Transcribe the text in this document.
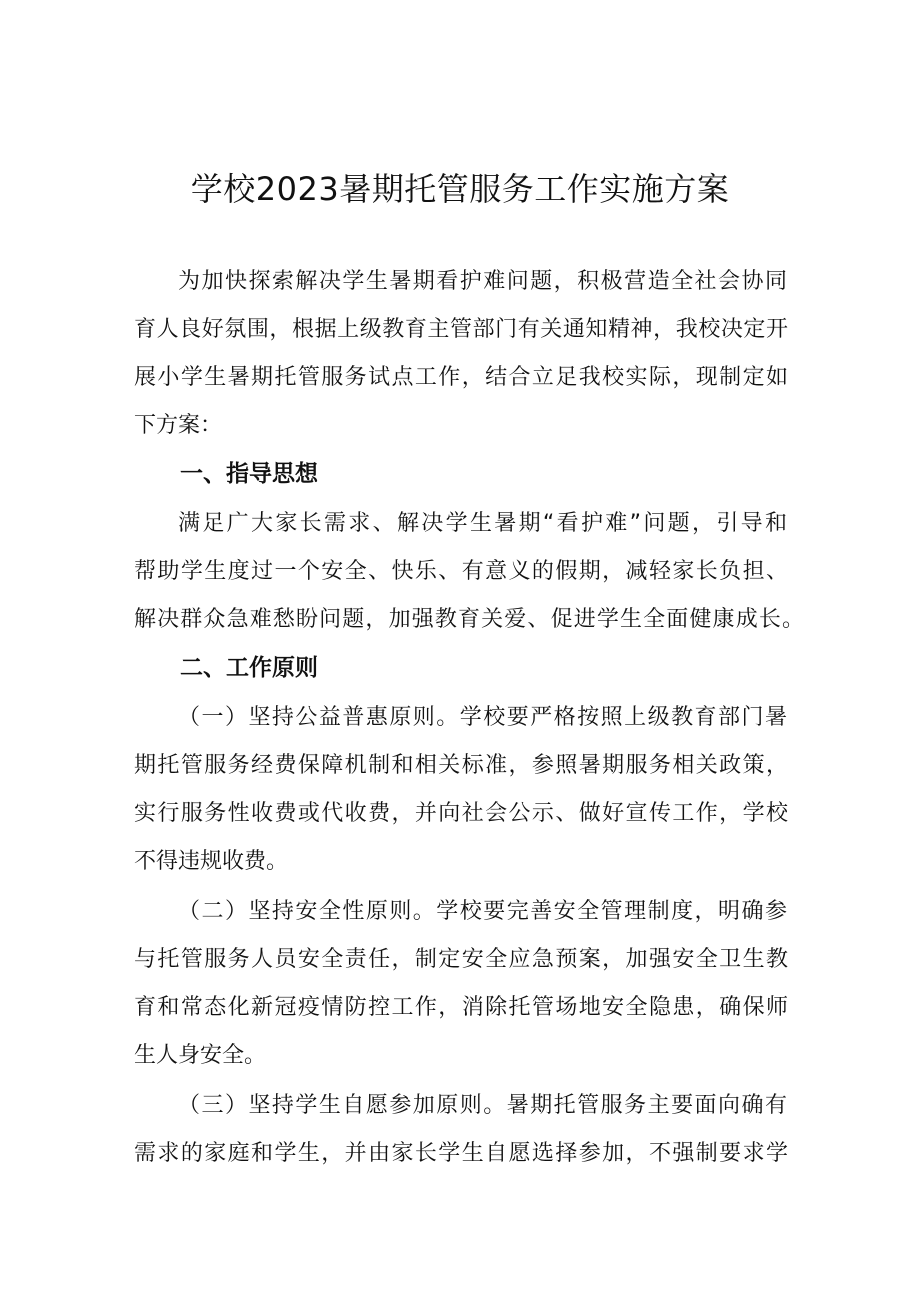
学校2023暑期托管服务工作实施方案

为加快探索解决学生暑期看护难问题，积极营造全社会协同

育人良好氛围，根据上级教育主管部门有关通知精神，我校决定开

展小学生暑期托管服务试点工作，结合立足我校实际，现制定如

下方案：

一、指导思想

满足广大家长需求、解决学生暑期“看护难”问题，引导和

帮助学生度过一个安全、快乐、有意义的假期，减轻家长负担、

解决群众急难愁盼问题，加强教育关爱、促进学生全面健康成长。

二、工作原则

（一）坚持公益普惠原则。学校要严格按照上级教育部门暑

期托管服务经费保障机制和相关标准，参照暑期服务相关政策，

实行服务性收费或代收费，并向社会公示、做好宣传工作，学校

不得违规收费。

（二）坚持安全性原则。学校要完善安全管理制度，明确参

与托管服务人员安全责任，制定安全应急预案，加强安全卫生教

育和常态化新冠疫情防控工作，消除托管场地安全隐患，确保师

生人身安全。

（三）坚持学生自愿参加原则。暑期托管服务主要面向确有

需求的家庭和学生，并由家长学生自愿选择参加，不强制要求学
